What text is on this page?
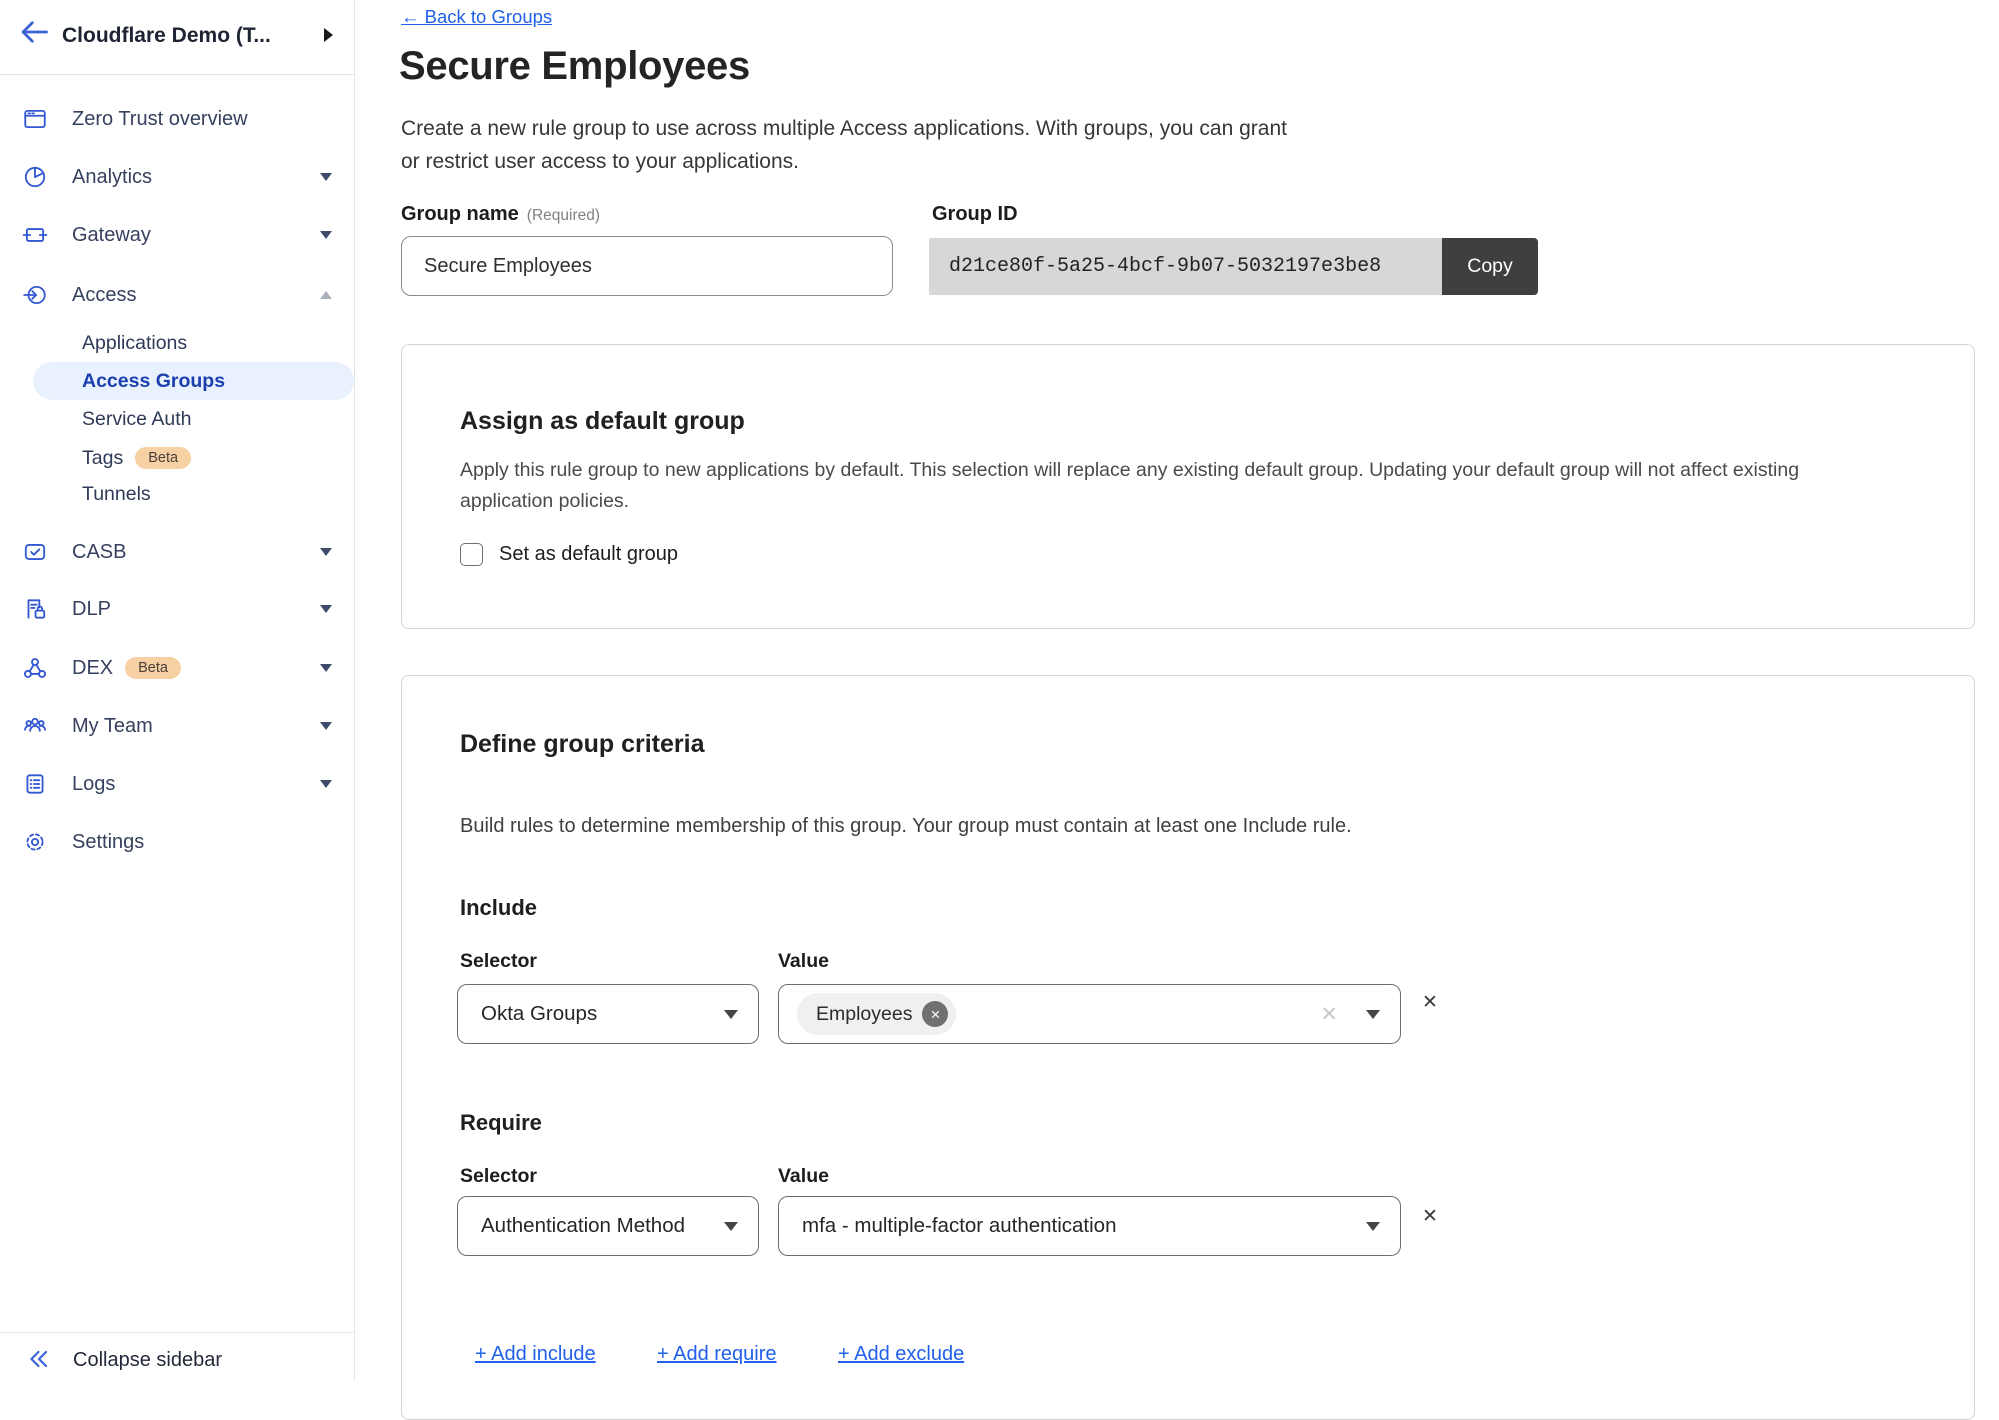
Cloudflare Demo (T...
Zero Trust overview
Analytics
Gateway
Access
Applications
Access Groups
Service Auth
Tags	Beta
Tunnels
CASB
DLP
DEX	Beta
My Team
Logs
Settings
Collapse sidebar
← Back to Groups
Secure Employees
Create a new rule group to use across multiple Access applications. With groups, you can grant
or restrict user access to your applications.
Group name (Required)	Group ID
Secure Employees
d21ce80f-5a25-4bcf-9b07-5032197e3be8	Copy
Assign as default group
Apply this rule group to new applications by default. This selection will replace any existing default group. Updating your default group will not affect existing
application policies.
Set as default group
Define group criteria
Build rules to determine membership of this group. Your group must contain at least one Include rule.
Include
Selector	Value
Okta Groups	Employees	✕	✕	✕
Require
Selector	Value
Authentication Method	mfa - multiple-factor authentication	✕
+ Add include	+ Add require	+ Add exclude
